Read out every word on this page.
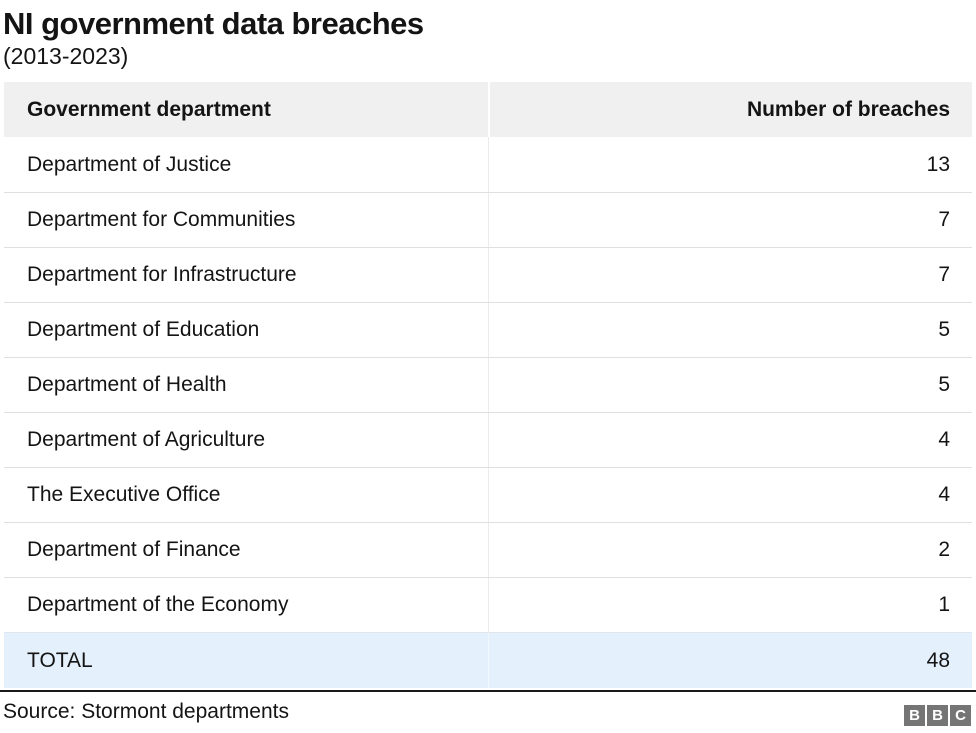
NI government data breaches
(2013-2023)
Government department	Number of breaches
Department of Justice	13
Department for Communities	7
Department for Infrastructure	7
Department of Education	5
Department of Health	5
Department of Agriculture	4
The Executive Office	4
Department of Finance	2
Department of the Economy	1
TOTAL	48
Source: Stormont departments	B B C
